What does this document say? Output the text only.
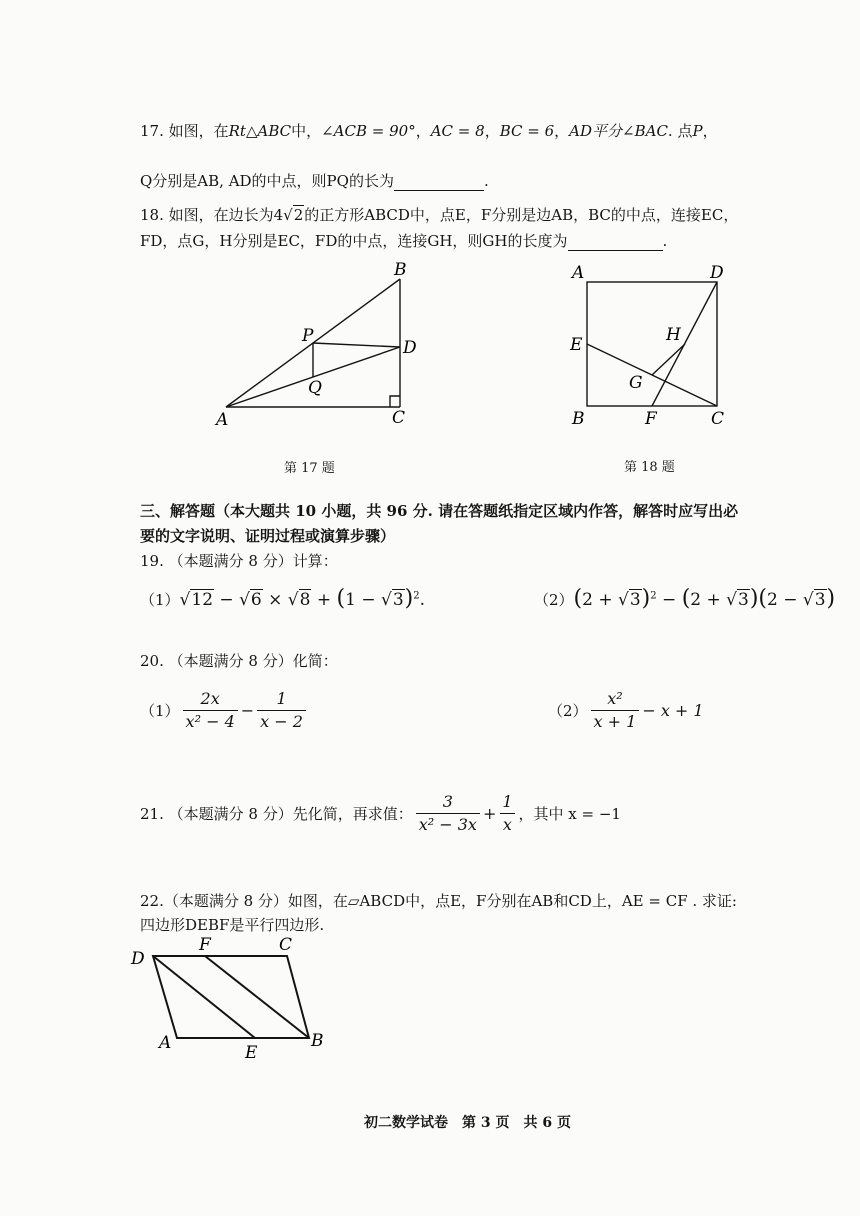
17. 如图，在Rt△ABC中，∠ACB = 90°，AC = 8，BC = 6，AD平分∠BAC. 点P，
Q分别是AB, AD的中点，则PQ的长为	.
18. 如图，在边长为4√2的正方形ABCD中，点E，F分别是边AB，BC的中点，连接EC，
FD，点G，H分别是EC，FD的中点，连接GH，则GH的长度为	.
A
B
C
D
P
Q
第 17 题
A	D
E
B	F	C
G
H
第 18 题
三、解答题（本大题共 10 小题，共 96 分. 请在答题纸指定区域内作答，解答时应写出必
要的文字说明、证明过程或演算步骤）
19. （本题满分 8 分）计算：
$(1)√12 - √6 \times √8 + (1 - √3)^2$.	$(2)(2 + √3)^2 - (2 + √3)(2 - √3)$
20. （本题满分 8 分）化简：
$(1) \frac{2x}{\text{x² − 4}} - \frac{1}{x - 2}$	$(2) \frac{\text{x²}}{x + 1} - x + 1$
21. （本题满分 8 分）先化简，再求值： $\frac{3}{\text{x² − 3x}} + \frac{1}{x}$ ，其中 x = −1
22.（本题满分 8 分）如图，在▱ABCD中，点E，F分别在AB和CD上，AE = CF . 求证:
四边形DEBF是平行四边形.
D
F	C
A	E
B
初二数学试卷　第 3 页　共 6 页
